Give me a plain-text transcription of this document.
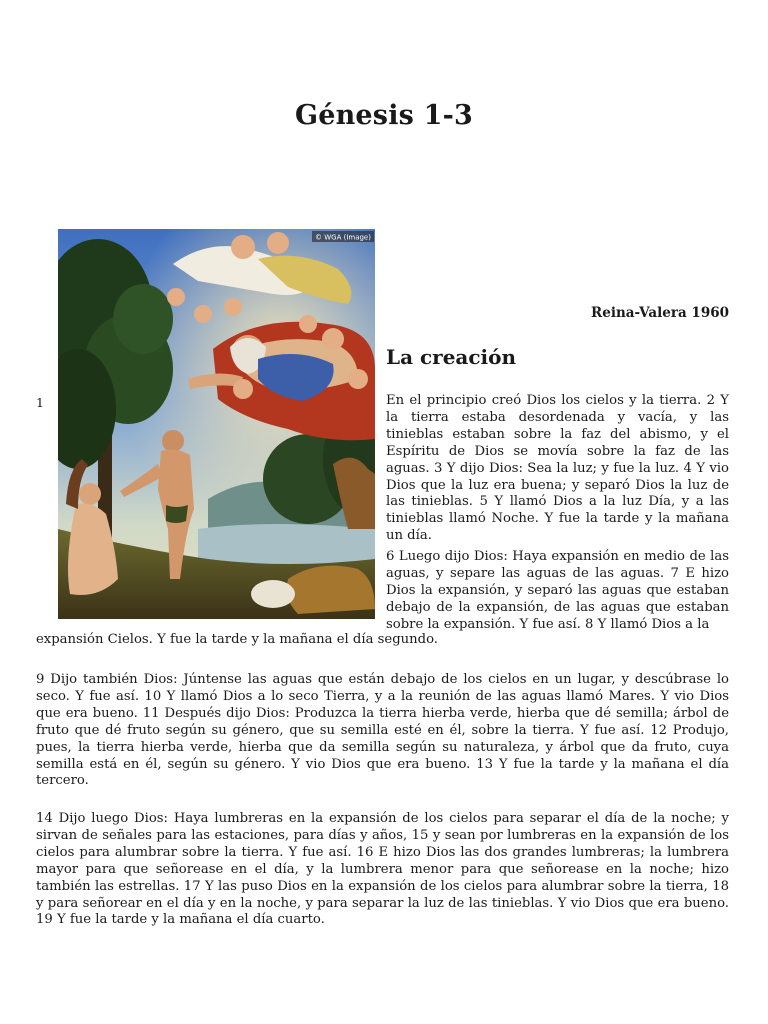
Génesis 1-3
© WGA (Image)
Reina-Valera 1960
La creación
1	En el principio creó Dios los cielos y la tierra. 2 Y la tierra estaba desordenada y vacía, y las tinieblas estaban sobre la faz del abismo, y el Espíritu de Dios se movía sobre la faz de las aguas. 3 Y dijo Dios: Sea la luz; y fue la luz. 4 Y vio Dios que la luz era buena; y separó Dios la luz de las tinieblas. 5 Y llamó Dios a la luz Día, y a las tinieblas llamó Noche. Y fue la tarde y la mañana un día.
6 Luego dijo Dios: Haya expansión en medio de las aguas, y separe las aguas de las aguas. 7 E hizo Dios la expansión, y separó las aguas que estaban debajo de la expansión, de las aguas que estaban sobre la expansión. Y fue así. 8 Y llamó Dios a la
expansión Cielos. Y fue la tarde y la mañana el día segundo.
9 Dijo también Dios: Júntense las aguas que están debajo de los cielos en un lugar, y descúbrase lo seco. Y fue así. 10 Y llamó Dios a lo seco Tierra, y a la reunión de las aguas llamó Mares. Y vio Dios que era bueno. 11 Después dijo Dios: Produzca la tierra hierba verde, hierba que dé semilla; árbol de fruto que dé fruto según su género, que su semilla esté en él, sobre la tierra. Y fue así. 12 Produjo, pues, la tierra hierba verde, hierba que da semilla según su naturaleza, y árbol que da fruto, cuya semilla está en él, según su género. Y vio Dios que era bueno. 13 Y fue la tarde y la mañana el día tercero.
14 Dijo luego Dios: Haya lumbreras en la expansión de los cielos para separar el día de la noche; y sirvan de señales para las estaciones, para días y años, 15 y sean por lumbreras en la expansión de los cielos para alumbrar sobre la tierra. Y fue así. 16 E hizo Dios las dos grandes lumbreras; la lumbrera mayor para que señorease en el día, y la lumbrera menor para que señorease en la noche; hizo también las estrellas. 17 Y las puso Dios en la expansión de los cielos para alumbrar sobre la tierra, 18 y para señorear en el día y en la noche, y para separar la luz de las tinieblas. Y vio Dios que era bueno. 19 Y fue la tarde y la mañana el día cuarto.
